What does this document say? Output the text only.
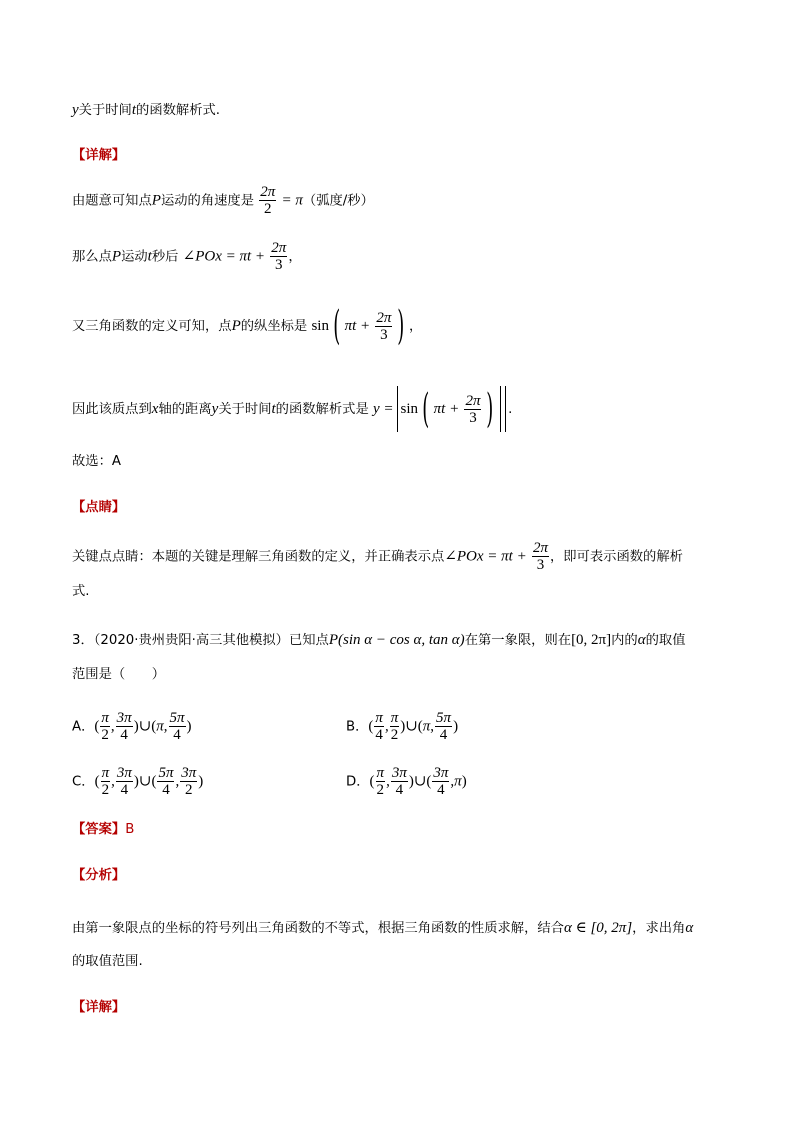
y关于时间t的函数解析式.
【详解】
由题意可知点P运动的角速度是 $\frac{2\pi}{2} = \pi$（弧度/秒）
那么点P运动t秒后 ∠POx = $\pi t + \frac{2\pi}{3}$ ，
又三角函数的定义可知，点P的纵坐标是 sin ( $\pi t + \frac{2\pi}{3}$ ) ，
因此该质点到x轴的距离y关于时间t的函数解析式是 y = sin ( $\pi t + \frac{2\pi}{3}$ ) .
故选：A
【点睛】
关键点点睛：本题的关键是理解三角函数的定义，并正确表示点∠POx = $\pi t + \frac{2\pi}{3}$ ，即可表示函数的解析
式.
3．（2020·贵州贵阳·高三其他模拟）已知点P(sin α − cos α, tan α)在第一象限，则在[0, 2π]内的α的取值
范围是（　　）
A．( $\frac{\pi}{2}$ , $\frac{3\pi}{4}$ )∪(π, $\frac{5\pi}{4}$ )	B．( $\frac{\pi}{4}$ , $\frac{\pi}{2}$ )∪(π, $\frac{5\pi}{4}$ )
C．( $\frac{\pi}{2}$ , $\frac{3\pi}{4}$ )∪( $\frac{5\pi}{4}$ , $\frac{3\pi}{2}$ )	D．( $\frac{\pi}{2}$ , $\frac{3\pi}{4}$ )∪( $\frac{3\pi}{4} ,\pi$)
【答案】B
【分析】
由第一象限点的坐标的符号列出三角函数的不等式，根据三角函数的性质求解，结合α ∈ [0, 2π]，求出角α
的取值范围.
【详解】
